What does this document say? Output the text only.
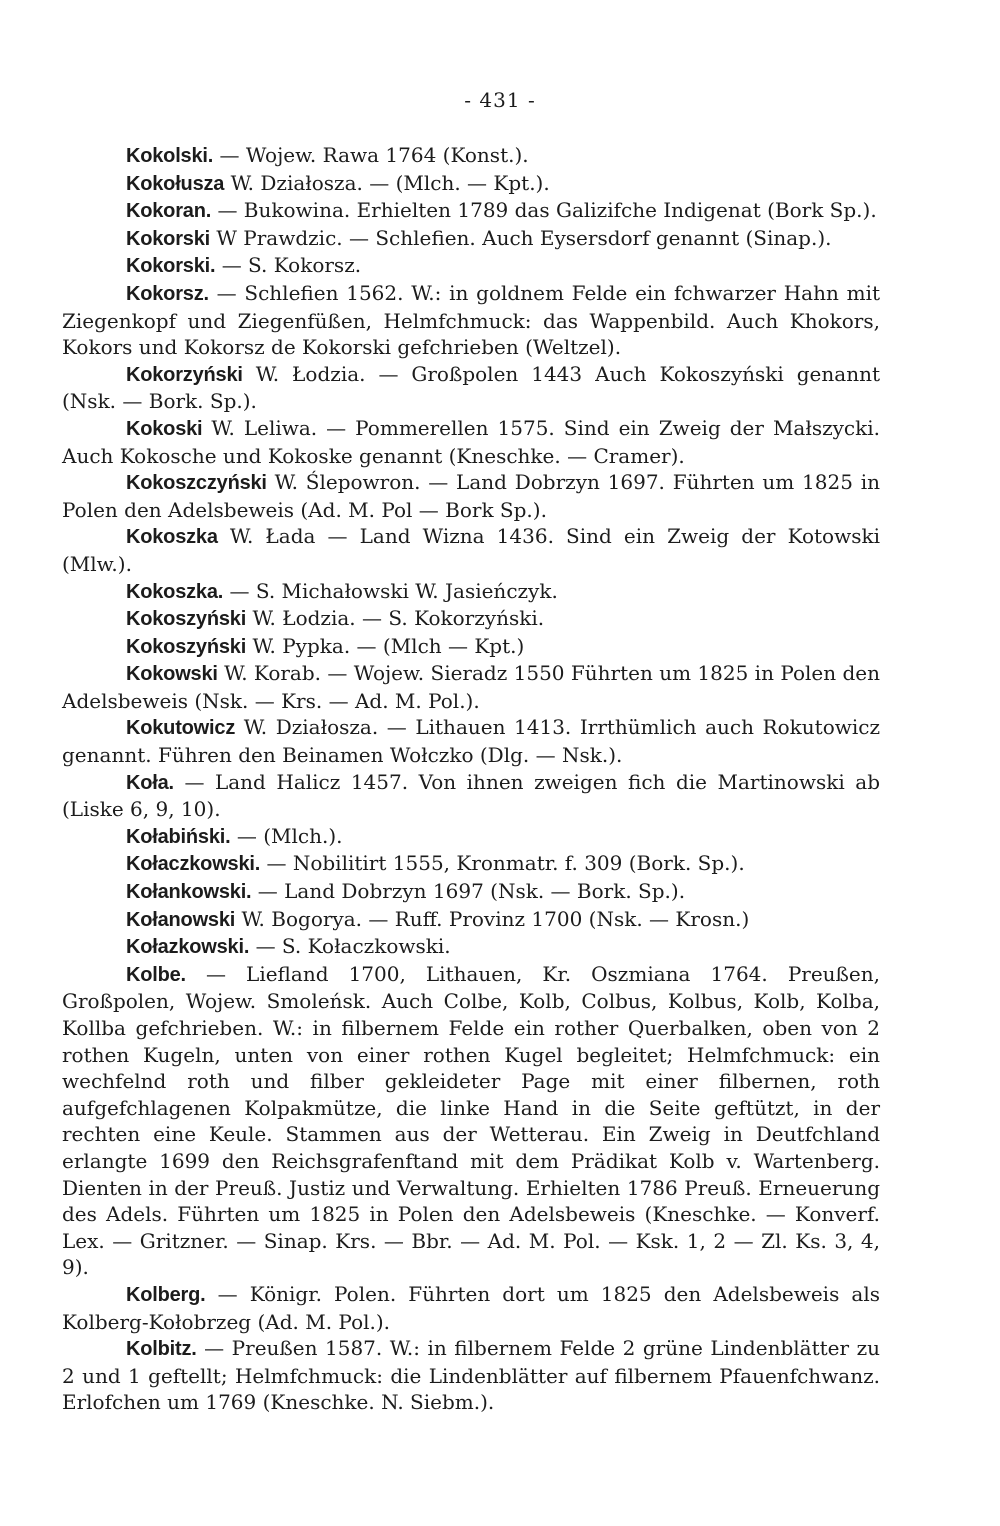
- 431 -

Kokolski. — Wojew. Rawa 1764 (Konst.).

Kokołusza W. Działosza. — (Mlch. — Kpt.).

Kokoran. — Bukowina. Erhielten 1789 das Galizifche Indigenat (Bork Sp.).

Kokorski W Prawdzic. — Schlefien. Auch Eysersdorf genannt (Sinap.).

Kokorski. — S. Kokorsz.

Kokorsz. — Schlefien 1562. W.: in goldnem Felde ein fchwarzer Hahn mit Ziegenkopf und Ziegenfüßen, Helmfchmuck: das Wappenbild. Auch Khokors, Kokors und Kokorsz de Kokorski gefchrieben (Weltzel).

Kokorzyński W. Łodzia. — Großpolen 1443 Auch Kokoszyński genannt (Nsk. — Bork. Sp.).

Kokoski W. Leliwa. — Pommerellen 1575. Sind ein Zweig der Małszycki. Auch Kokosche und Kokoske genannt (Kneschke. — Cramer).

Kokoszczyński W. Ślepowron. — Land Dobrzyn 1697. Führten um 1825 in Polen den Adelsbeweis (Ad. M. Pol — Bork Sp.).

Kokoszka W. Łada — Land Wizna 1436. Sind ein Zweig der Kotowski (Mlw.).

Kokoszka. — S. Michałowski W. Jasieńczyk.

Kokoszyński W. Łodzia. — S. Kokorzyński.

Kokoszyński W. Pypka. — (Mlch — Kpt.)

Kokowski W. Korab. — Wojew. Sieradz 1550 Führten um 1825 in Polen den Adelsbeweis (Nsk. — Krs. — Ad. M. Pol.).

Kokutowicz W. Działosza. — Lithauen 1413. Irrthümlich auch Rokutowicz genannt. Führen den Beinamen Wołczko (Dlg. — Nsk.).

Koła. — Land Halicz 1457. Von ihnen zweigen fich die Martinowski ab (Liske 6, 9, 10).

Kołabiński. — (Mlch.).

Kołaczkowski. — Nobilitirt 1555, Kronmatr. f. 309 (Bork. Sp.).

Kołankowski. — Land Dobrzyn 1697 (Nsk. — Bork. Sp.).

Kołanowski W. Bogorya. — Ruff. Provinz 1700 (Nsk. — Krosn.)

Kołazkowski. — S. Kołaczkowski.

Kolbe. — Liefland 1700, Lithauen, Kr. Oszmiana 1764. Preußen, Großpolen, Wojew. Smoleńsk. Auch Colbe, Kolb, Colbus, Kolbus, Kolb, Kolba, Kollba gefchrieben. W.: in filbernem Felde ein rother Querbalken, oben von 2 rothen Kugeln, unten von einer rothen Kugel begleitet; Helmfchmuck: ein wechfelnd roth und filber gekleideter Page mit einer filbernen, roth aufgefchlagenen Kolpakmütze, die linke Hand in die Seite geftützt, in der rechten eine Keule. Stammen aus der Wetterau. Ein Zweig in Deutfchland erlangte 1699 den Reichsgrafenftand mit dem Prädikat Kolb v. Wartenberg. Dienten in der Preuß. Justiz und Verwaltung. Erhielten 1786 Preuß. Erneuerung des Adels. Führten um 1825 in Polen den Adelsbeweis (Kneschke. — Konverf. Lex. — Gritzner. — Sinap. Krs. — Bbr. — Ad. M. Pol. — Ksk. 1, 2 — Zl. Ks. 3, 4, 9).

Kolberg. — Königr. Polen. Führten dort um 1825 den Adelsbeweis als Kolberg-Kołobrzeg (Ad. M. Pol.).

Kolbitz. — Preußen 1587. W.: in filbernem Felde 2 grüne Lindenblätter zu 2 und 1 geftellt; Helmfchmuck: die Lindenblätter auf filbernem Pfauenfchwanz. Erlofchen um 1769 (Kneschke. N. Siebm.).
